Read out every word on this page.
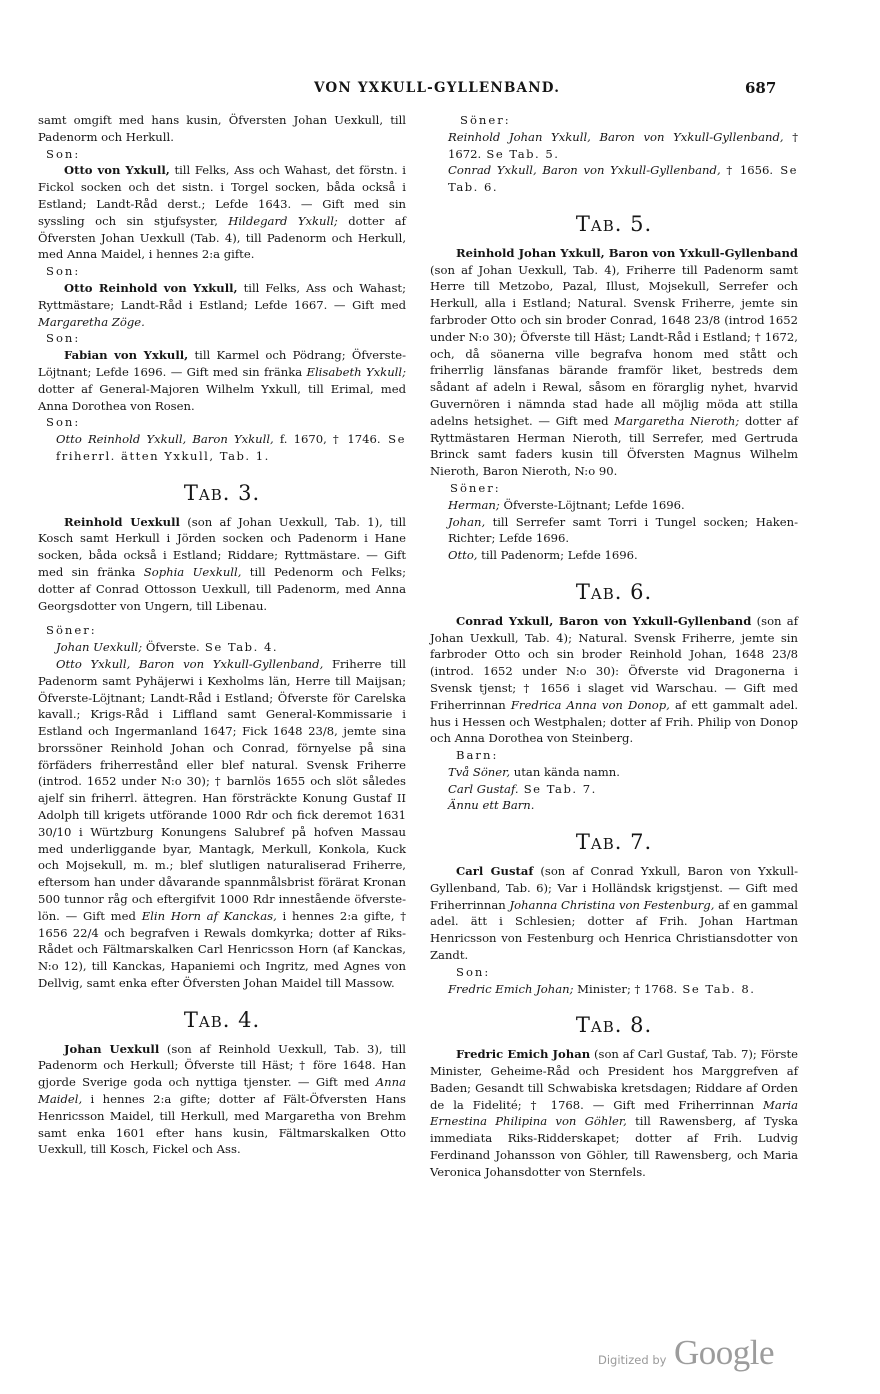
VON YXKULL-GYLLENBAND.	687

samt omgift med hans kusin, Öfversten Johan Uexkull, till Padenorm och Herkull.

Son:

Otto von Yxkull, till Felks, Ass och Wahast, det förstn. i Fickol socken och det sistn. i Torgel socken, båda också i Estland; Landt-Råd derst.; Lefde 1643. — Gift med sin syssling och sin stjufsyster, Hildegard Yxkull; dotter af Öfversten Johan Uexkull (Tab. 4), till Padenorm och Herkull, med Anna Maidel, i hennes 2:a gifte.

Son:

Otto Reinhold von Yxkull, till Felks, Ass och Wahast; Ryttmästare; Landt-Råd i Estland; Lefde 1667. — Gift med Margaretha Zöge.

Son:

Fabian von Yxkull, till Karmel och Pödrang; Öfverste-Löjtnant; Lefde 1696. — Gift med sin fränka Elisabeth Yxkull; dotter af General-Majoren Wilhelm Yxkull, till Erimal, med Anna Dorothea von Rosen.

Son:

Otto Reinhold Yxkull, Baron Yxkull, f. 1670, † 1746. Se friherrl. ätten Yxkull, Tab. 1.

Tab. 3.

Reinhold Uexkull (son af Johan Uexkull, Tab. 1), till Kosch samt Herkull i Jörden socken och Padenorm i Hane socken, båda också i Estland; Riddare; Ryttmästare. — Gift med sin fränka Sophia Uexkull, till Pedenorm och Felks; dotter af Conrad Ottosson Uexkull, till Padenorm, med Anna Georgsdotter von Ungern, till Libenau.

Söner:

Johan Uexkull; Öfverste. Se Tab. 4.

Otto Yxkull, Baron von Yxkull-Gyllenband, Friherre till Padenorm samt Pyhäjerwi i Kexholms län, Herre till Maijsan; Öfverste-Löjtnant; Landt-Råd i Estland; Öfverste för Carelska kavall.; Krigs-Råd i Liffland samt General-Kommissarie i Estland och Ingermanland 1647; Fick 1648 23/8, jemte sina brorssöner Reinhold Johan och Conrad, förnyelse på sina förfäders friherrestånd eller blef natural. Svensk Friherre (introd. 1652 under N:o 30); † barnlös 1655 och slöt således ajelf sin friherrl. ättegren. Han försträckte Konung Gustaf II Adolph till krigets utförande 1000 Rdr och fick deremot 1631 30/10 i Würtzburg Konungens Salubref på hofven Massau med underliggande byar, Mantagk, Merkull, Konkola, Kuck och Mojsekull, m. m.; blef slutligen naturaliserad Friherre, eftersom han under dåvarande spannmålsbrist förärat Kronan 500 tunnor råg och eftergifvit 1000 Rdr innestående öfverste-lön. — Gift med Elin Horn af Kanckas, i hennes 2:a gifte, † 1656 22/4 och begrafven i Rewals domkyrka; dotter af Riks-Rådet och Fältmarskalken Carl Henricsson Horn (af Kanckas, N:o 12), till Kanckas, Hapaniemi och Ingritz, med Agnes von Dellvig, samt enka efter Öfversten Johan Maidel till Massow.

Tab. 4.

Johan Uexkull (son af Reinhold Uexkull, Tab. 3), till Padenorm och Herkull; Öfverste till Häst; † före 1648. Han gjorde Sverige goda och nyttiga tjenster. — Gift med Anna Maidel, i hennes 2:a gifte; dotter af Fält-Öfversten Hans Henricsson Maidel, till Herkull, med Margaretha von Brehm samt enka 1601 efter hans kusin, Fältmarskalken Otto Uexkull, till Kosch, Fickel och Ass.

Söner:

Reinhold Johan Yxkull, Baron von Yxkull-Gyllenband, † 1672. Se Tab. 5.

Conrad Yxkull, Baron von Yxkull-Gyllenband, † 1656. Se Tab. 6.

Tab. 5.

Reinhold Johan Yxkull, Baron von Yxkull-Gyllenband (son af Johan Uexkull, Tab. 4), Friherre till Padenorm samt Herre till Metzobo, Pazal, Illust, Mojsekull, Serrefer och Herkull, alla i Estland; Natural. Svensk Friherre, jemte sin farbroder Otto och sin broder Conrad, 1648 23/8 (introd 1652 under N:o 30); Öfverste till Häst; Landt-Råd i Estland; † 1672, och, då söanerna ville begrafva honom med stått och friherrlig länsfanas bärande framför liket, bestreds dem sådant af adeln i Rewal, såsom en förarglig nyhet, hvarvid Guvernören i nämnda stad hade all möjlig möda att stilla adelns hetsighet. — Gift med Margaretha Nieroth; dotter af Ryttmästaren Herman Nieroth, till Serrefer, med Gertruda Brinck samt faders kusin till Öfversten Magnus Wilhelm Nieroth, Baron Nieroth, N:o 90.

Söner:

Herman; Öfverste-Löjtnant; Lefde 1696.

Johan, till Serrefer samt Torri i Tungel socken; Haken-Richter; Lefde 1696.

Otto, till Padenorm; Lefde 1696.

Tab. 6.

Conrad Yxkull, Baron von Yxkull-Gyllenband (son af Johan Uexkull, Tab. 4); Natural. Svensk Friherre, jemte sin farbroder Otto och sin broder Reinhold Johan, 1648 23/8 (introd. 1652 under N:o 30): Öfverste vid Dragonerna i Svensk tjenst; † 1656 i slaget vid Warschau. — Gift med Friherrinnan Fredrica Anna von Donop, af ett gammalt adel. hus i Hessen och Westphalen; dotter af Frih. Philip von Donop och Anna Dorothea von Steinberg.

Barn:

Två Söner, utan kända namn.

Carl Gustaf. Se Tab. 7.

Ännu ett Barn.

Tab. 7.

Carl Gustaf (son af Conrad Yxkull, Baron von Yxkull-Gyllenband, Tab. 6); Var i Holländsk krigstjenst. — Gift med Friherrinnan Johanna Christina von Festenburg, af en gammal adel. ätt i Schlesien; dotter af Frih. Johan Hartman Henricsson von Festenburg och Henrica Christiansdotter von Zandt.

Son:

Fredric Emich Johan; Minister; † 1768. Se Tab. 8.

Tab. 8.

Fredric Emich Johan (son af Carl Gustaf, Tab. 7); Förste Minister, Geheime-Råd och President hos Marggrefven af Baden; Gesandt till Schwabiska kretsdagen; Riddare af Orden de la Fidelité; † 1768. — Gift med Friherrinnan Maria Ernestina Philipina von Göhler, till Rawensberg, af Tyska immediata Riks-Ridderskapet; dotter af Frih. Ludvig Ferdinand Johansson von Göhler, till Rawensberg, och Maria Veronica Johansdotter von Sternfels.

Digitized by Google
